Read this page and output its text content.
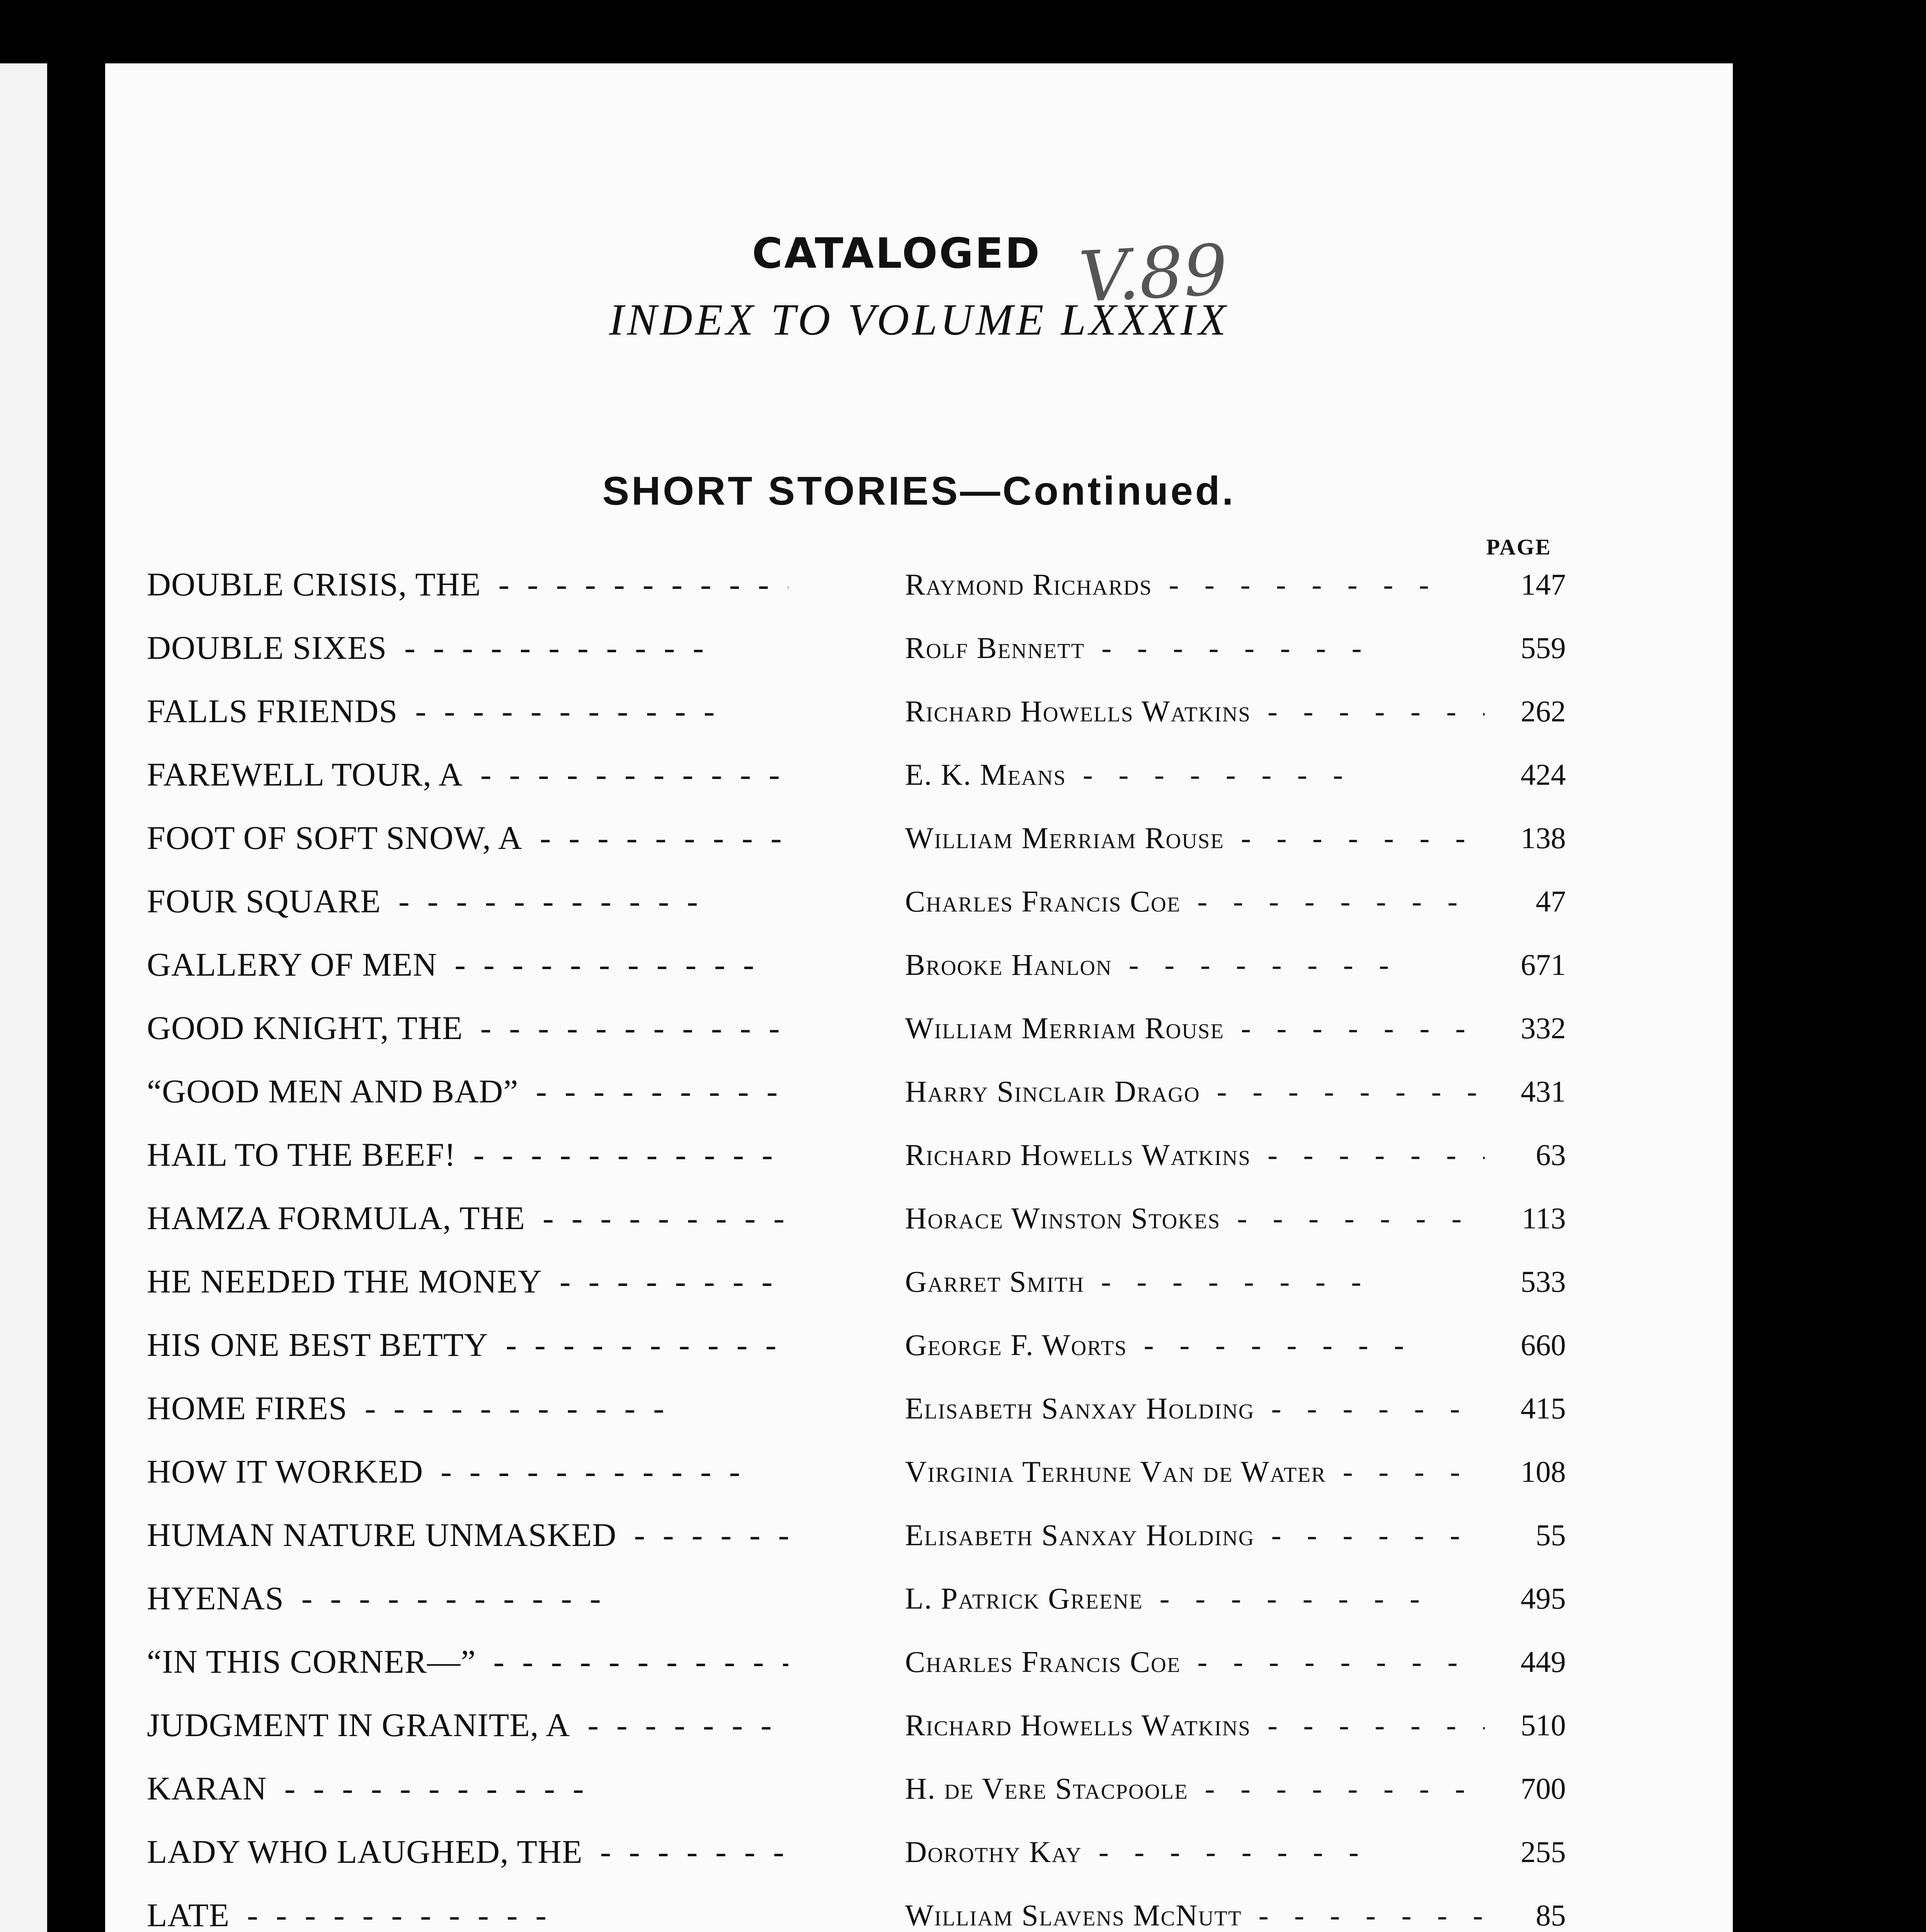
CATALOGED V.89
INDEX TO VOLUME LXXXIX
SHORT STORIES—Continued.
PAGE
DOUBLE CRISIS, THE -  -	Raymond Richards -   -	147
DOUBLE SIXES -  -	Rolf Bennett -   -	559
FALLS FRIENDS -  -	Richard Howells Watkins -   -	262
FAREWELL TOUR, A -  -	E. K. Means -   -	424
FOOT OF SOFT SNOW, A -  -	William Merriam Rouse -   -	138
FOUR SQUARE -  -	Charles Francis Coe -   -	47
GALLERY OF MEN -  -	Brooke Hanlon -   -	671
GOOD KNIGHT, THE -  -	William Merriam Rouse -   -	332
“GOOD MEN AND BAD” -  -	Harry Sinclair Drago -   -	431
HAIL TO THE BEEF! -  -	Richard Howells Watkins -   -	63
HAMZA FORMULA, THE -  -	Horace Winston Stokes -   -	113
HE NEEDED THE MONEY -  -	Garret Smith -   -	533
HIS ONE BEST BETTY -  -	George F. Worts -   -	660
HOME FIRES -  -	Elisabeth Sanxay Holding -   -	415
HOW IT WORKED -  -	Virginia Terhune Van de Water -   -	108
HUMAN NATURE UNMASKED -  -	Elisabeth Sanxay Holding -   -	55
HYENAS -  -	L. Patrick Greene -   -	495
“IN THIS CORNER—” -  -	Charles Francis Coe -   -	449
JUDGMENT IN GRANITE, A -  -	Richard Howells Watkins -   -	510
KARAN -  -	H. de Vere Stacpoole -   -	700
LADY WHO LAUGHED, THE -  -	Dorothy Kay -   -	255
LATE -  -	William Slavens McNutt -   -	85
